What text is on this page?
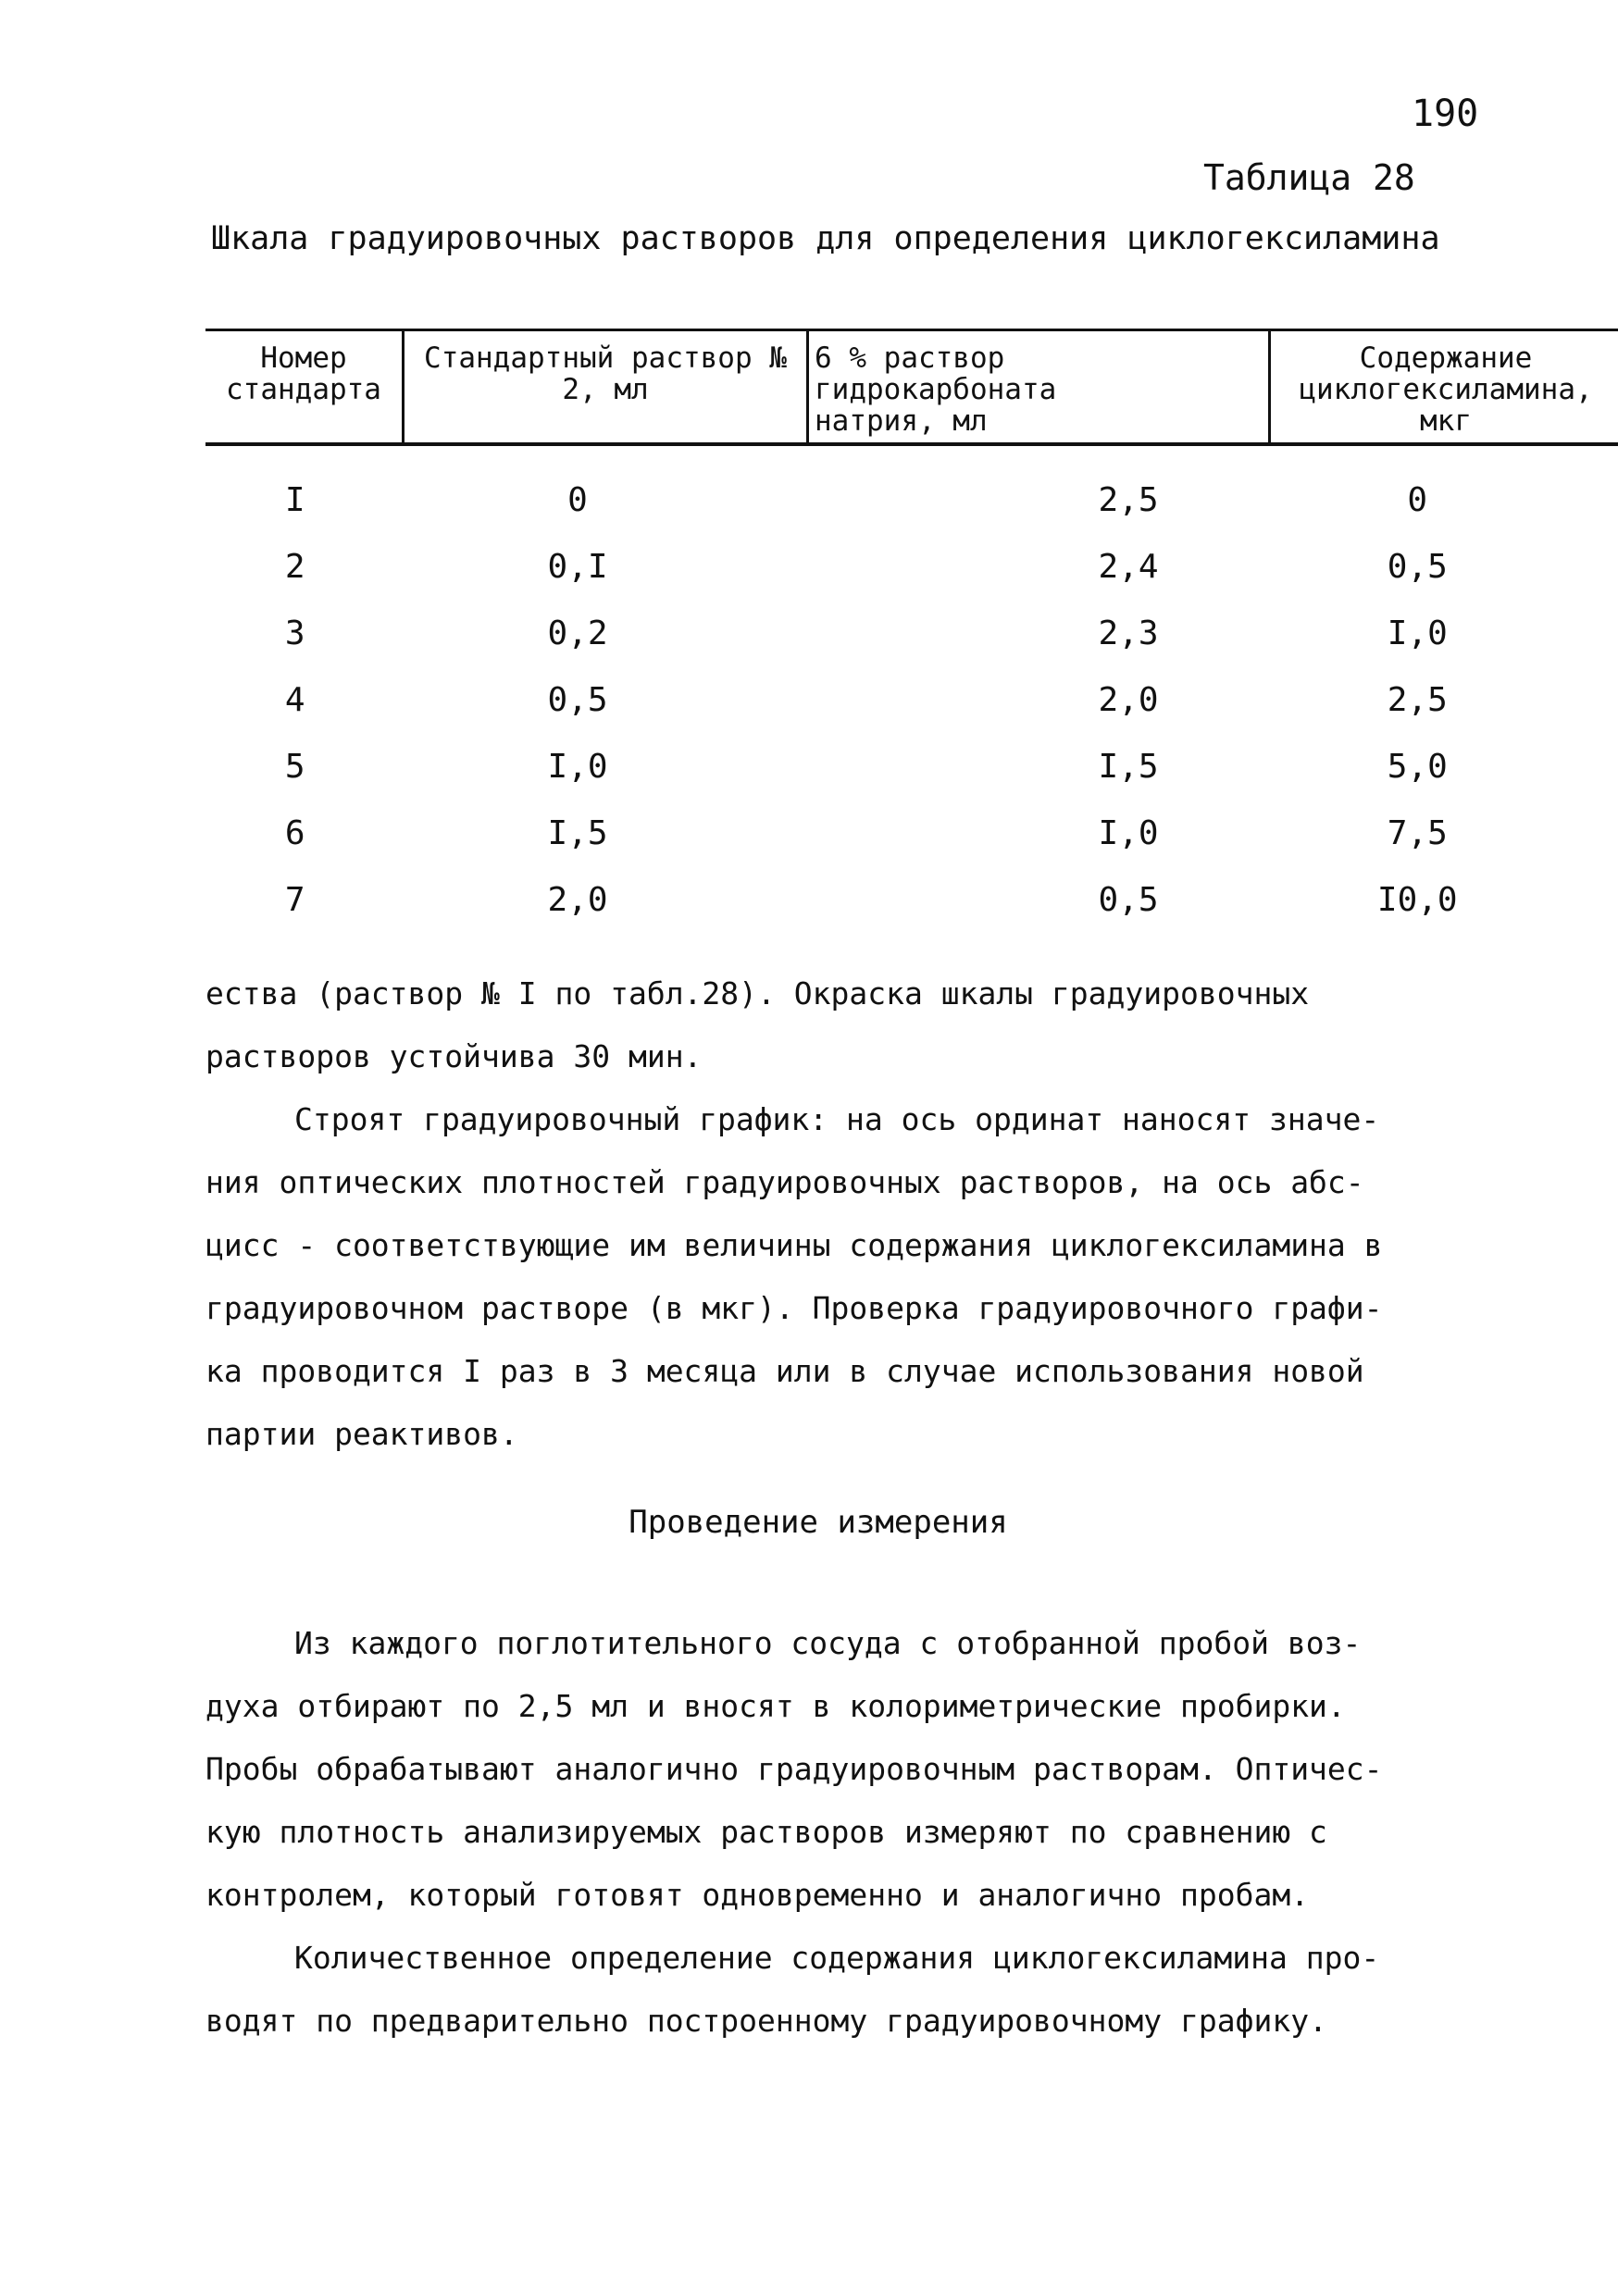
190
Таблица 28
Шкала градуировочных растворов для определения циклогексиламина
Номер стандарта	Стандартный раствор № 2, мл	6 % раствор гидрокарбоната натрия, мл	Содержание циклогексиламина, мкг
I	0	2,5	0
2	0,I	2,4	0,5
3	0,2	2,3	I,0
4	0,5	2,0	2,5
5	I,0	I,5	5,0
6	I,5	I,0	7,5
7	2,0	0,5	I0,0

ества (раствор № I по табл.28). Окраска шкалы градуировочных

растворов устойчива 30 мин.

Строят градуировочный график: на ось ординат наносят значе-

ния оптических плотностей градуировочных растворов, на ось абс-

цисс - соответствующие им величины содержания циклогексиламина в

градуировочном растворе (в мкг). Проверка градуировочного графи-

ка проводится I раз в 3 месяца или в случае использования новой

партии реактивов.

Проведение измерения

Из каждого поглотительного сосуда с отобранной пробой воз-

духа отбирают по 2,5 мл и вносят в колориметрические пробирки.

Пробы обрабатывают аналогично градуировочным растворам. Оптичес-

кую плотность анализируемых растворов измеряют по сравнению с

контролем, который готовят одновременно и аналогично пробам.

Количественное определение содержания циклогексиламина про-

водят по предварительно построенному градуировочному графику.
